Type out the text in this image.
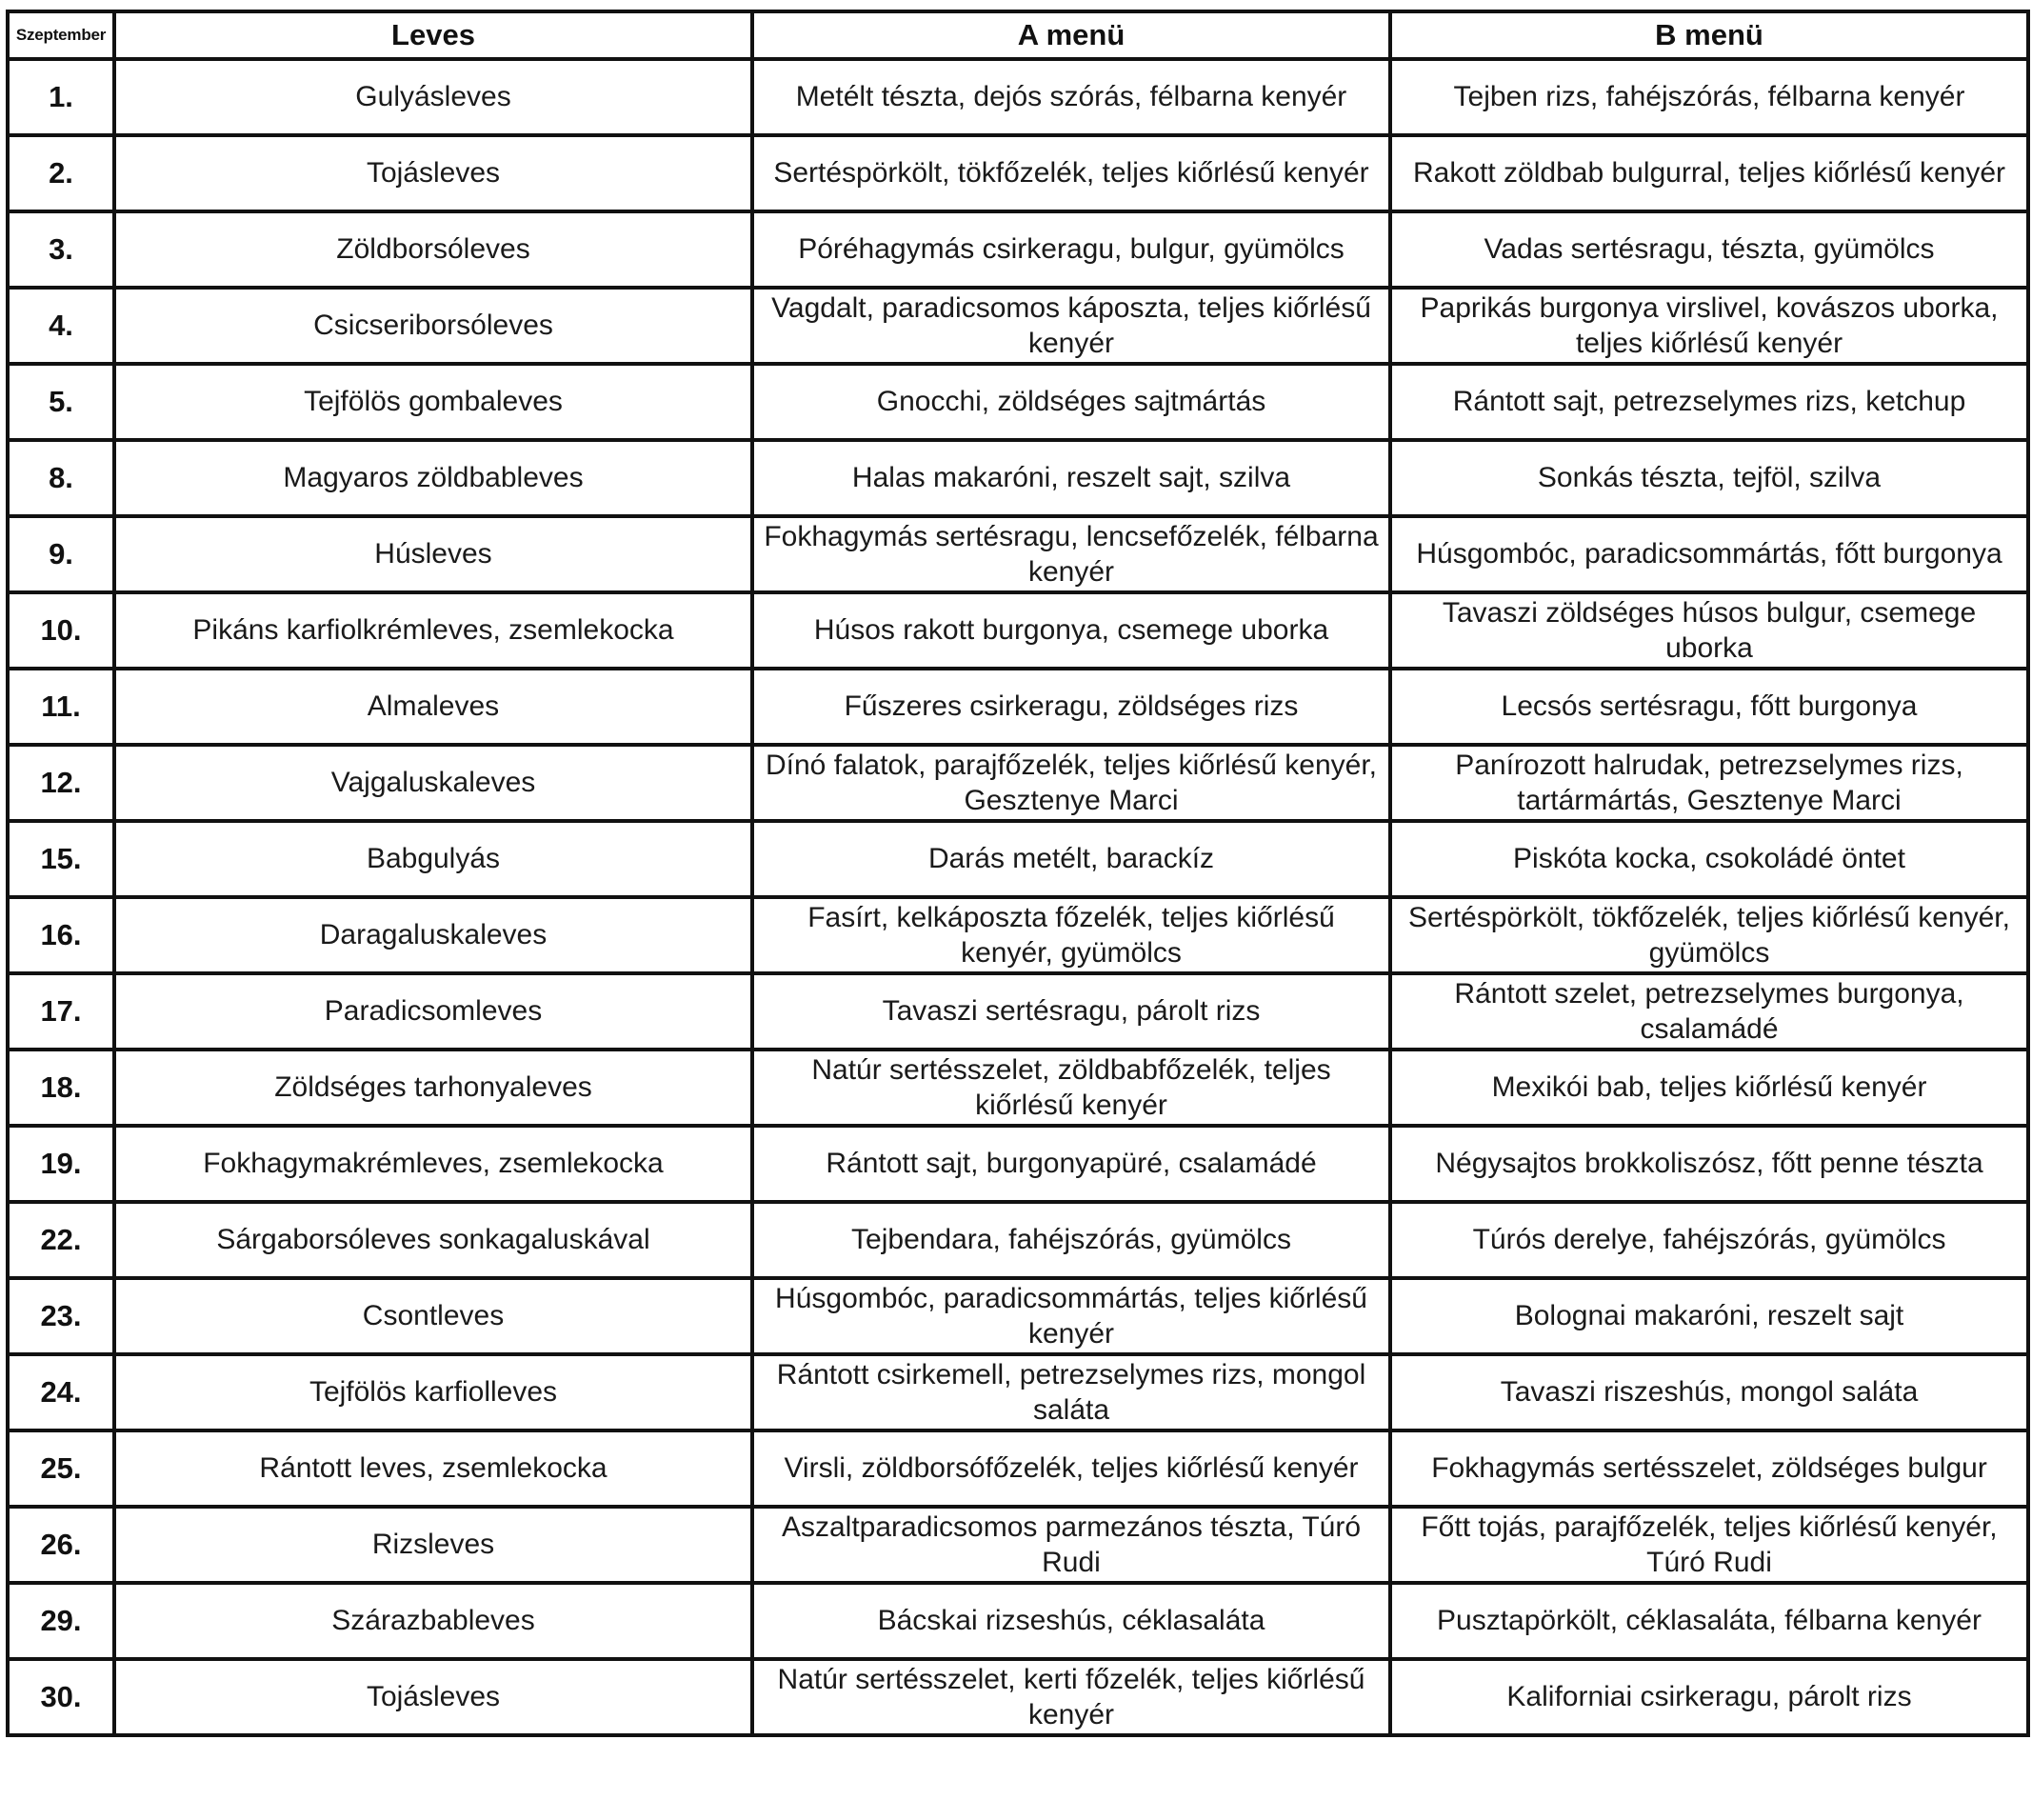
Szeptember	Leves	A menü	B menü
1.	Gulyásleves	Metélt tészta, dejós szórás, félbarna kenyér	Tejben rizs, fahéjszórás, félbarna kenyér
2.	Tojásleves	Sertéspörkölt, tökfőzelék, teljes kiőrlésű kenyér	Rakott zöldbab bulgurral, teljes kiőrlésű kenyér
3.	Zöldborsóleves	Póréhagymás csirkeragu, bulgur, gyümölcs	Vadas sertésragu, tészta, gyümölcs
4.	Csicseriborsóleves	Vagdalt, paradicsomos káposzta, teljes kiőrlésű kenyér	Paprikás burgonya virslivel, kovászos uborka, teljes kiőrlésű kenyér
5.	Tejfölös gombaleves	Gnocchi, zöldséges sajtmártás	Rántott sajt, petrezselymes rizs, ketchup
8.	Magyaros zöldbableves	Halas makaróni, reszelt sajt, szilva	Sonkás tészta, tejföl, szilva
9.	Húsleves	Fokhagymás sertésragu, lencsefőzelék, félbarna kenyér	Húsgombóc, paradicsommártás, főtt burgonya
10.	Pikáns karfiolkrémleves, zsemlekocka	Húsos rakott burgonya, csemege uborka	Tavaszi zöldséges húsos bulgur, csemege uborka
11.	Almaleves	Fűszeres csirkeragu, zöldséges rizs	Lecsós sertésragu, főtt burgonya
12.	Vajgaluskaleves	Dínó falatok, parajfőzelék, teljes kiőrlésű kenyér, Gesztenye Marci	Panírozott halrudak, petrezselymes rizs, tartármártás, Gesztenye Marci
15.	Babgulyás	Darás metélt, barackíz	Piskóta kocka, csokoládé öntet
16.	Daragaluskaleves	Fasírt, kelkáposzta főzelék, teljes kiőrlésű kenyér, gyümölcs	Sertéspörkölt, tökfőzelék, teljes kiőrlésű kenyér, gyümölcs
17.	Paradicsomleves	Tavaszi sertésragu, párolt rizs	Rántott szelet, petrezselymes burgonya, csalamádé
18.	Zöldséges tarhonyaleves	Natúr sertésszelet, zöldbabfőzelék, teljes kiőrlésű kenyér	Mexikói bab, teljes kiőrlésű kenyér
19.	Fokhagymakrémleves, zsemlekocka	Rántott sajt, burgonyapüré, csalamádé	Négysajtos brokkoliszósz, főtt penne tészta
22.	Sárgaborsóleves sonkagaluskával	Tejbendara, fahéjszórás, gyümölcs	Túrós derelye, fahéjszórás, gyümölcs
23.	Csontleves	Húsgombóc, paradicsommártás, teljes kiőrlésű kenyér	Bolognai makaróni, reszelt sajt
24.	Tejfölös karfiolleves	Rántott csirkemell, petrezselymes rizs, mongol saláta	Tavaszi riszeshús, mongol saláta
25.	Rántott leves, zsemlekocka	Virsli, zöldborsófőzelék, teljes kiőrlésű kenyér	Fokhagymás sertésszelet, zöldséges bulgur
26.	Rizsleves	Aszaltparadicsomos parmezános tészta, Túró Rudi	Főtt tojás, parajfőzelék, teljes kiőrlésű kenyér, Túró Rudi
29.	Szárazbableves	Bácskai rizseshús, céklasaláta	Pusztapörkölt, céklasaláta, félbarna kenyér
30.	Tojásleves	Natúr sertésszelet, kerti főzelék, teljes kiőrlésű kenyér	Kaliforniai csirkeragu, párolt rizs
